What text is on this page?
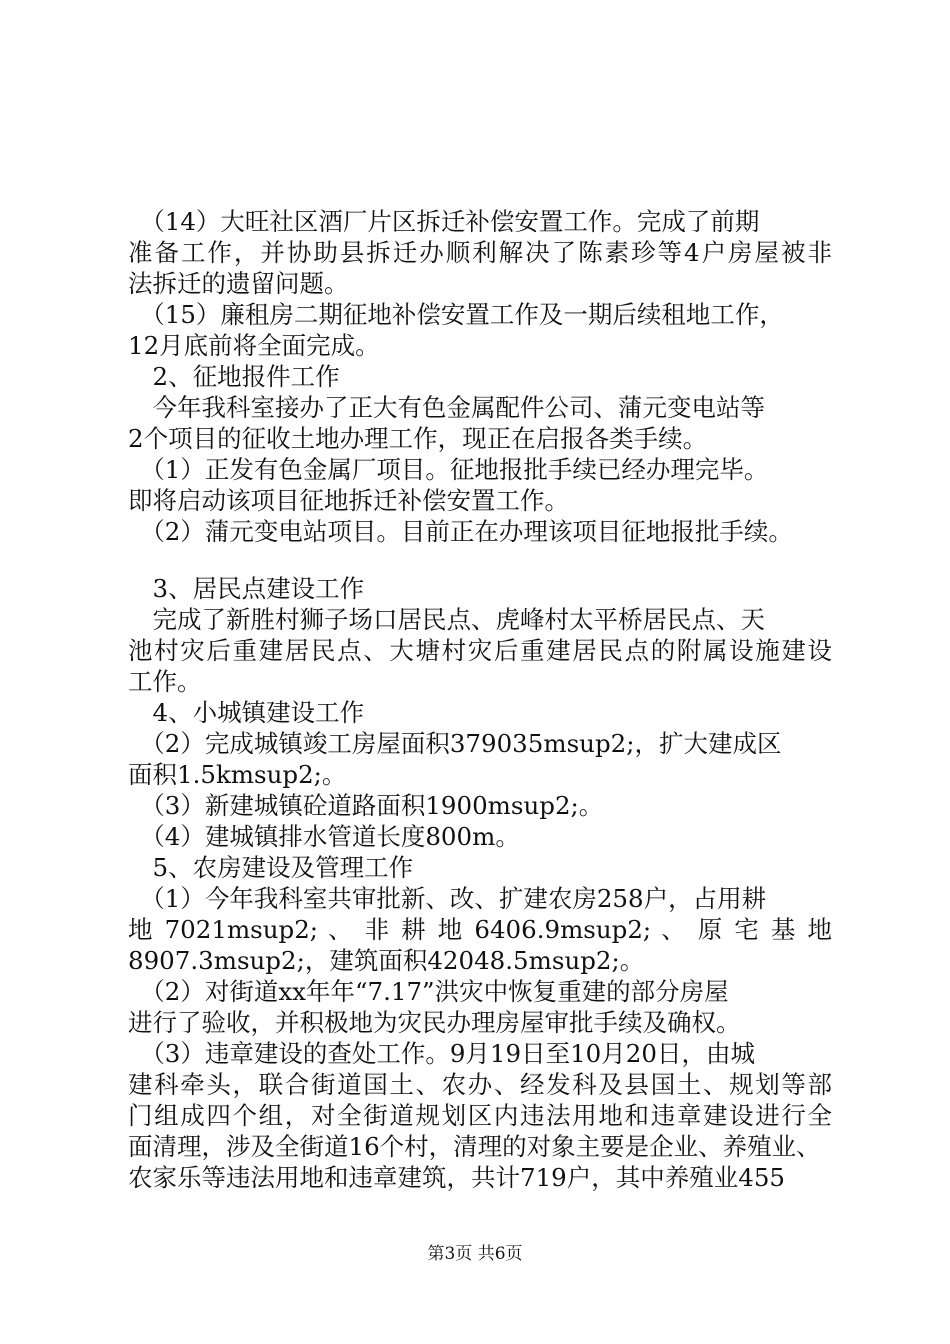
　（14）大旺社区酒厂片区拆迁补偿安置工作。完成了前期
准备工作，并协助县拆迁办顺利解决了陈素珍等4户房屋被非
法拆迁的遗留问题。
　（15）廉租房二期征地补偿安置工作及一期后续租地工作，
12月底前将全面完成。
　2、征地报件工作
　今年我科室接办了正大有色金属配件公司、蒲元变电站等
2个项目的征收土地办理工作，现正在启报各类手续。
　（1）正发有色金属厂项目。征地报批手续已经办理完毕。
即将启动该项目征地拆迁补偿安置工作。
　（2）蒲元变电站项目。目前正在办理该项目征地报批手续。
　3、居民点建设工作
　完成了新胜村狮子场口居民点、虎峰村太平桥居民点、天
池村灾后重建居民点、大塘村灾后重建居民点的附属设施建设
工作。
　4、小城镇建设工作
　（2）完成城镇竣工房屋面积379035msup2;，扩大建成区
面积1.5kmsup2;。
　（3）新建城镇砼道路面积1900msup2;。
　（4）建城镇排水管道长度800m。
　5、农房建设及管理工作
　（1）今年我科室共审批新、改、扩建农房258户，占用耕
地 7021msup2; 、 非 耕 地 6406.9msup2; 、 原 宅 基 地
8907.3msup2;，建筑面积42048.5msup2;。
　（2）对街道xx年年“7.17”洪灾中恢复重建的部分房屋
进行了验收，并积极地为灾民办理房屋审批手续及确权。
　（3）违章建设的查处工作。9月19日至10月20日，由城
建科牵头，联合街道国土、农办、经发科及县国土、规划等部
门组成四个组，对全街道规划区内违法用地和违章建设进行全
面清理，涉及全街道16个村，清理的对象主要是企业、养殖业、
农家乐等违法用地和违章建筑，共计719户，其中养殖业455
第3页 共6页
